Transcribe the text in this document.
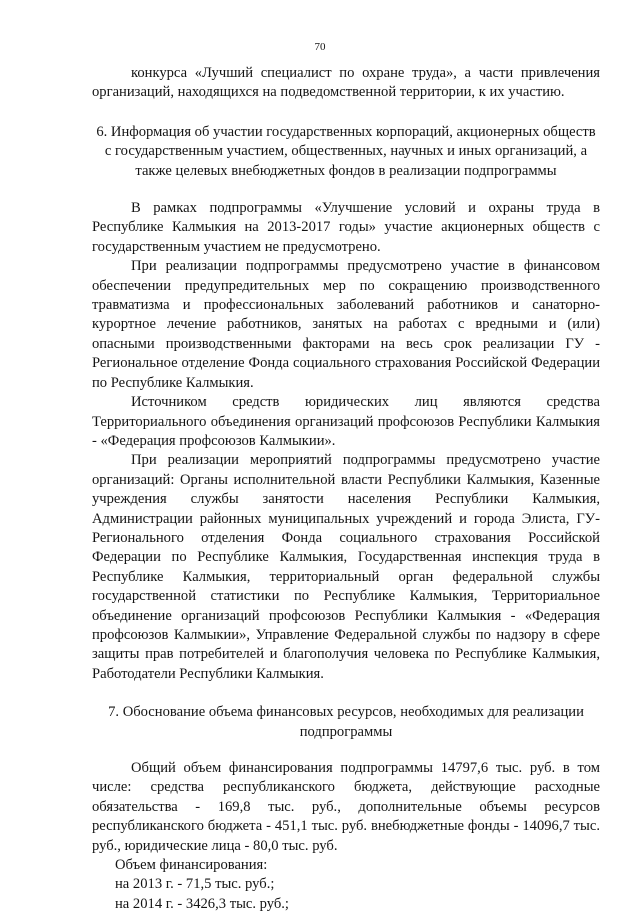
70

конкурса «Лучший специалист по охране труда», а части привлечения организаций, находящихся на подведомственной территории, к их участию.

6. Информация об участии государственных корпораций, акционерных обществ с государственным участием, общественных, научных и иных организаций, а также целевых внебюджетных фондов в реализации подпрограммы

В рамках подпрограммы «Улучшение условий и охраны труда в Республике Калмыкия на 2013-2017 годы» участие акционерных обществ с государственным участием не предусмотрено.

При реализации подпрограммы предусмотрено участие в финансовом обеспечении предупредительных мер по сокращению производственного травматизма и профессиональных заболеваний работников и санаторно-курортное лечение работников, занятых на работах с вредными и (или) опасными производственными факторами на весь срок реализации ГУ - Региональное отделение Фонда социального страхования Российской Федерации по Республике Калмыкия.

Источником средств юридических лиц являются средства Территориального объединения организаций профсоюзов Республики Калмыкия - «Федерация профсоюзов Калмыкии».

При реализации мероприятий подпрограммы предусмотрено участие организаций: Органы исполнительной власти Республики Калмыкия, Казенные учреждения службы занятости населения Республики Калмыкия, Администрации районных муниципальных учреждений и города Элиста, ГУ-Регионального отделения Фонда социального страхования Российской Федерации по Республике Калмыкия, Государственная инспекция труда в Республике Калмыкия, территориальный орган федеральной службы государственной статистики по Республике Калмыкия, Территориальное объединение организаций профсоюзов Республики Калмыкия - «Федерация профсоюзов Калмыкии», Управление Федеральной службы по надзору в сфере защиты прав потребителей и благополучия человека по Республике Калмыкия, Работодатели Республики Калмыкия.

7. Обоснование объема финансовых ресурсов, необходимых для реализации подпрограммы

Общий объем финансирования подпрограммы 14797,6 тыс. руб. в том числе: средства республиканского бюджета, действующие расходные обязательства - 169,8 тыс. руб., дополнительные объемы ресурсов республиканского бюджета - 451,1 тыс. руб. внебюджетные фонды - 14096,7 тыс. руб., юридические лица - 80,0 тыс. руб.

Объем финансирования:

на 2013 г. - 71,5 тыс. руб.;

на 2014 г. - 3426,3 тыс. руб.;
